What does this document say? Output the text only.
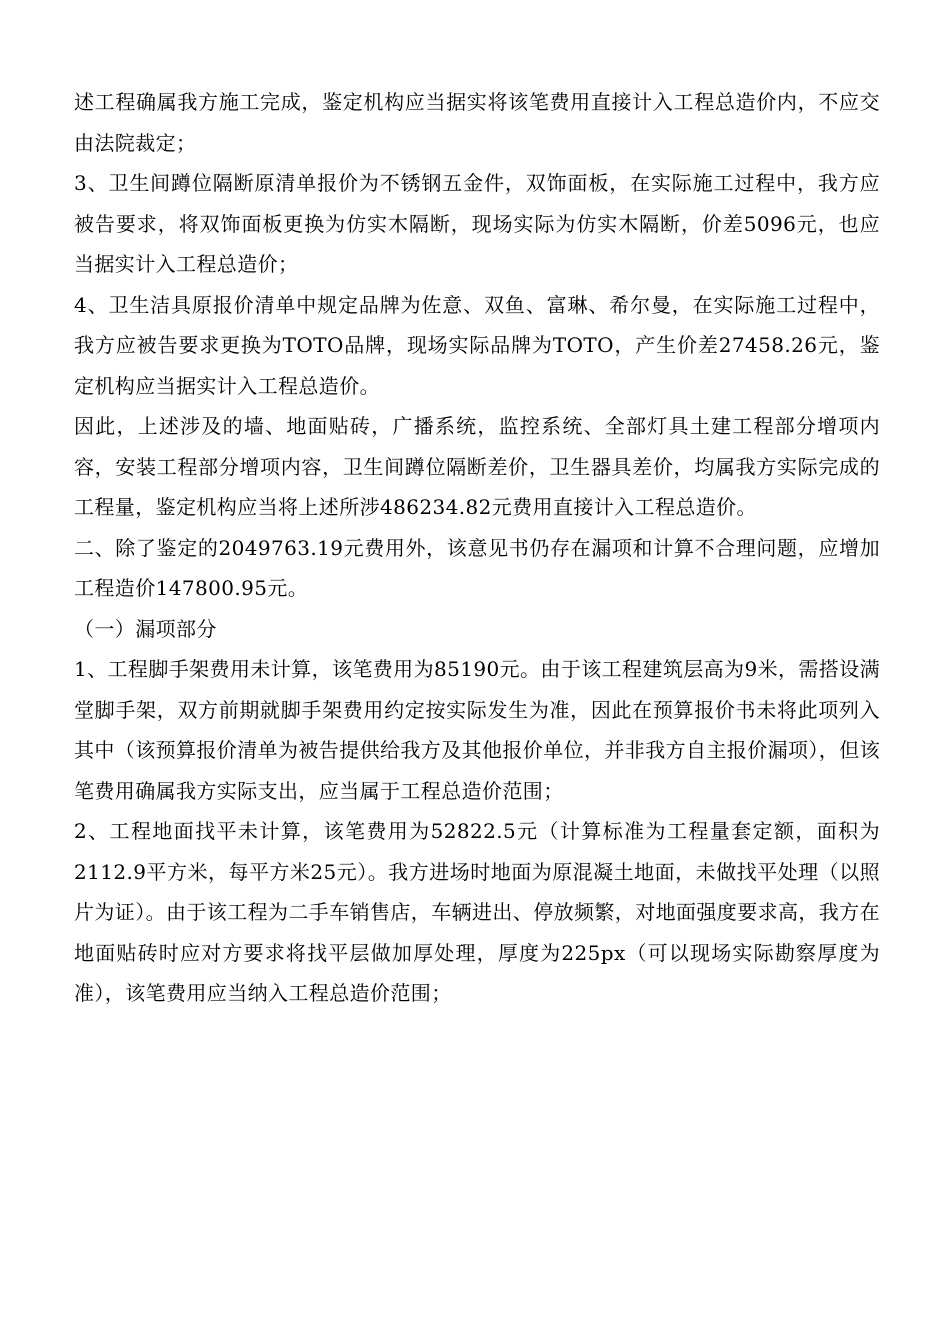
述工程确属我方施工完成，鉴定机构应当据实将该笔费用直接计入工程总造价内，不应交由法院裁定；

3、卫生间蹲位隔断原清单报价为不锈钢五金件，双饰面板，在实际施工过程中，我方应被告要求，将双饰面板更换为仿实木隔断，现场实际为仿实木隔断，价差5096元，也应当据实计入工程总造价；

4、卫生洁具原报价清单中规定品牌为佐意、双鱼、富琳、希尔曼，在实际施工过程中，我方应被告要求更换为TOTO品牌，现场实际品牌为TOTO，产生价差27458.26元，鉴定机构应当据实计入工程总造价。

因此，上述涉及的墙、地面贴砖，广播系统，监控系统、全部灯具土建工程部分增项内容，安装工程部分增项内容，卫生间蹲位隔断差价，卫生器具差价，均属我方实际完成的工程量，鉴定机构应当将上述所涉486234.82元费用直接计入工程总造价。

二、除了鉴定的2049763.19元费用外，该意见书仍存在漏项和计算不合理问题，应增加工程造价147800.95元。

（一）漏项部分

1、工程脚手架费用未计算，该笔费用为85190元。由于该工程建筑层高为9米，需搭设满堂脚手架，双方前期就脚手架费用约定按实际发生为准，因此在预算报价书未将此项列入其中（该预算报价清单为被告提供给我方及其他报价单位，并非我方自主报价漏项），但该笔费用确属我方实际支出，应当属于工程总造价范围；

2、工程地面找平未计算，该笔费用为52822.5元（计算标准为工程量套定额，面积为2112.9平方米，每平方米25元）。我方进场时地面为原混凝土地面，未做找平处理（以照片为证）。由于该工程为二手车销售店，车辆进出、停放频繁，对地面强度要求高，我方在地面贴砖时应对方要求将找平层做加厚处理，厚度为225px（可以现场实际勘察厚度为准），该笔费用应当纳入工程总造价范围；
